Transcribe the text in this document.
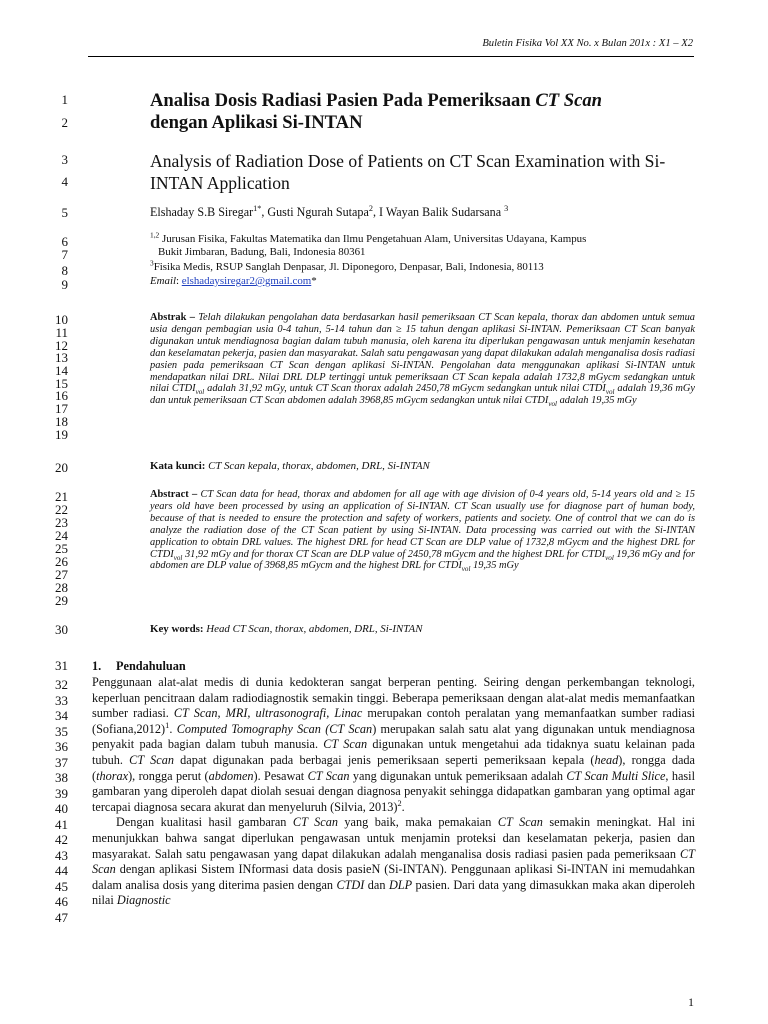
Buletin Fisika Vol XX No. x Bulan 201x : X1 – X2
1
2
3
4
5
6
7
8
9
10
11
12
13
14
15
16
17
18
19
20
21
22
23
24
25
26
27
28
29
30
31
32
33
34
35
36
37
38
39
40
41
42
43
44
45
46
47
Analisa Dosis Radiasi Pasien Pada Pemeriksaan CT Scan
dengan Aplikasi Si-INTAN
Analysis of Radiation Dose of Patients on CT Scan Examination with Si-INTAN Application
Elshaday S.B Siregar$^{1*}$, Gusti Ngurah Sutapa$^2$, I Wayan Balik Sudarsana $^3$
$^{1,2}$ Jurusan Fisika, Fakultas Matematika dan Ilmu Pengetahuan Alam, Universitas Udayana, Kampus
Bukit Jimbaran, Badung, Bali, Indonesia 80361
$^3$Fisika Medis, RSUP Sanglah Denpasar, Jl. Diponegoro, Denpasar, Bali, Indonesia, 80113
Email: elshadaysiregar2@gmail.com*
Abstrak – Telah dilakukan pengolahan data berdasarkan hasil pemeriksaan CT Scan kepala, thorax dan abdomen untuk semua usia dengan pembagian usia 0-4 tahun, 5-14 tahun dan ≥ 15 tahun dengan aplikasi Si-INTAN. Pemeriksaan CT Scan banyak digunakan untuk mendiagnosa bagian dalam tubuh manusia, oleh karena itu diperlukan pengawasan untuk menjamin kesehatan dan keselamatan pekerja, pasien dan masyarakat. Salah satu pengawasan yang dapat dilakukan adalah menganalisa dosis radiasi pasien pada pemeriksaan CT Scan dengan aplikasi Si-INTAN. Pengolahan data menggunakan aplikasi Si-INTAN untuk mendapatkan nilai DRL. Nilai DRL DLP tertinggi untuk pemeriksaan CT Scan kepala adalah 1732,8 mGycm sedangkan untuk nilai $CTDI_{vol}$ adalah 31,92 mGy, untuk CT Scan thorax adalah 2450,78 mGycm sedangkan untuk nilai $CTDI_{vol}$ adalah 19,36 mGy dan untuk pemeriksaan CT Scan abdomen adalah 3968,85 mGycm sedangkan untuk nilai $CTDI_{vol}$ adalah 19,35 mGy
Kata kunci: CT Scan kepala, thorax, abdomen, DRL, Si-INTAN
Abstract – CT Scan data for head, thorax and abdomen for all age with age division of 0-4 years old, 5-14 years old and ≥ 15 years old have been processed by using an application of Si-INTAN. CT Scan usually use for diagnose part of human body, because of that is needed to ensure the protection and safety of workers, patients and society. One of control that we can do is analyze the radiation dose of the CT Scan patient by using Si-INTAN. Data processing was carried out with the Si-INTAN application to obtain DRL values. The highest DRL for head CT Scan are DLP value of 1732,8 mGycm and the highest DRL for $CTDI_{vol}$ 31,92 mGy and for thorax CT Scan are DLP value of 2450,78 mGycm and the highest DRL for $CTDI_{vol}$ 19,36 mGy and for abdomen are DLP value of 3968,85 mGycm and the highest DRL for $CTDI_{vol}$ 19,35 mGy
Key words: Head CT Scan, thorax, abdomen, DRL, Si-INTAN
1. Pendahuluan

Penggunaan alat-alat medis di dunia kedokteran sangat berperan penting. Seiring dengan perkembangan teknologi, keperluan pencitraan dalam radiodiagnostik semakin tinggi. Beberapa pemeriksaan dengan alat-alat medis memanfaatkan sumber radiasi. CT Scan, MRI, ultrasonografi, Linac merupakan contoh peralatan yang memanfaatkan sumber radiasi (Sofiana,2012)$^1$. Computed Tomography Scan (CT Scan) merupakan salah satu alat yang digunakan untuk mendiagnosa penyakit pada bagian dalam tubuh manusia. CT Scan digunakan untuk mengetahui ada tidaknya suatu kelainan pada tubuh. CT Scan dapat digunakan pada berbagai jenis pemeriksaan seperti pemeriksaan kepala (head), rongga dada (thorax), rongga perut (abdomen). Pesawat CT Scan yang digunakan untuk pemeriksaan adalah CT Scan Multi Slice, hasil gambaran yang diperoleh dapat diolah sesuai dengan diagnosa penyakit sehingga didapatkan gambaran yang optimal agar tercapai diagnosa secara akurat dan menyeluruh (Silvia, 2013)$^2$.

Dengan kualitasi hasil gambaran CT Scan yang baik, maka pemakaian CT Scan semakin meningkat. Hal ini menunjukkan bahwa sangat diperlukan pengawasan untuk menjamin proteksi dan keselamatan pekerja, pasien dan masyarakat. Salah satu pengawasan yang dapat dilakukan adalah menganalisa dosis radiasi pasien pada pemeriksaan CT Scan dengan aplikasi Sistem INformasi data dosis pasieN (Si-INTAN). Penggunaan aplikasi Si-INTAN ini memudahkan dalam analisa dosis yang diterima pasien dengan CTDI dan DLP pasien. Dari data yang dimasukkan maka akan diperoleh nilai Diagnostic

1
